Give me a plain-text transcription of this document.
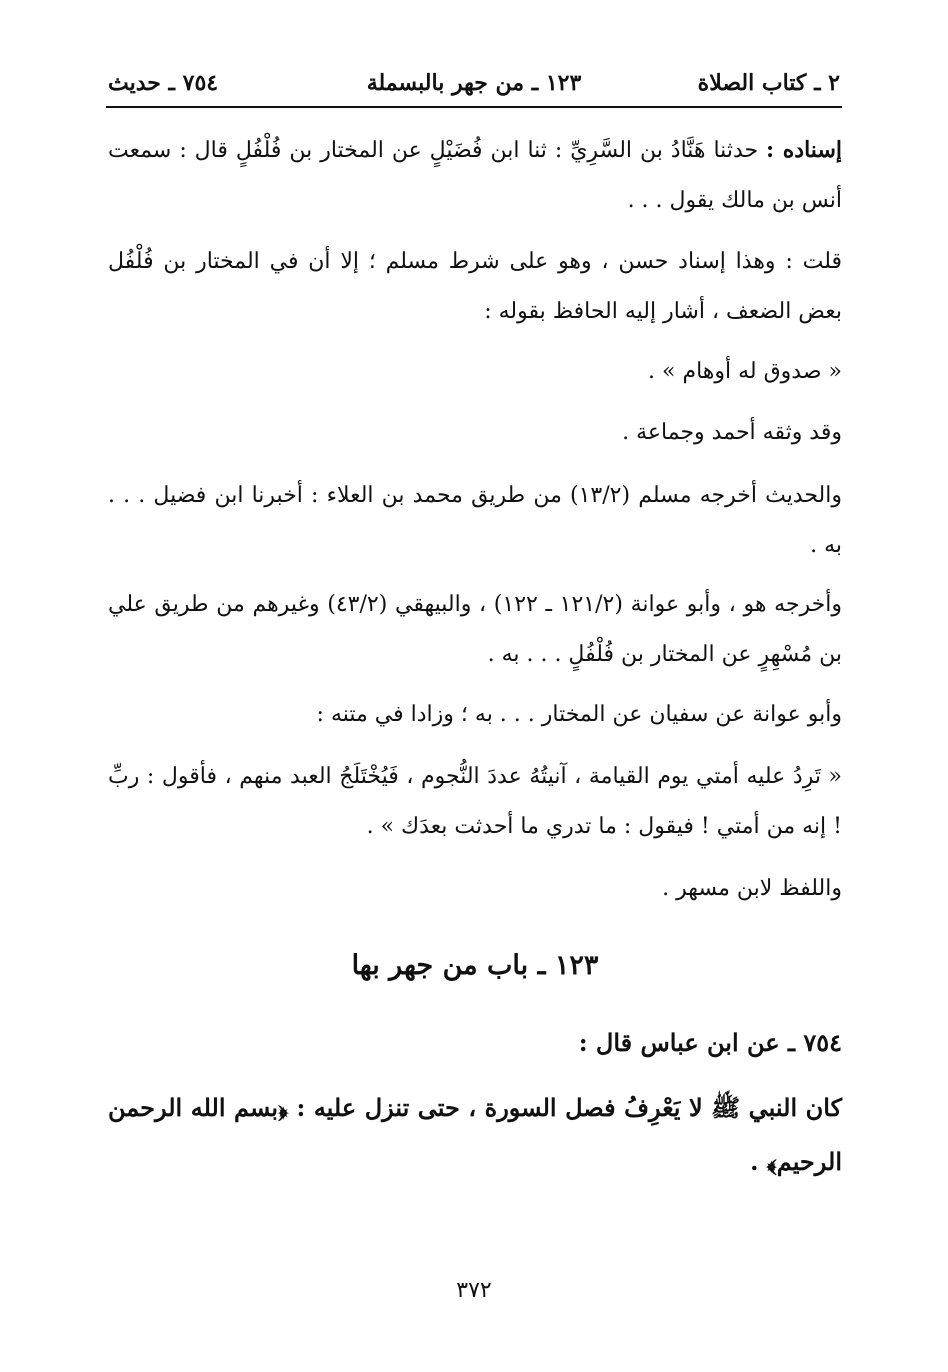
٢ ـ كتاب الصلاة
١٢٣ ـ من جهر بالبسملة
٧٥٤ ـ حديث

إسناده : حدثنا هَنَّادُ بن السَّرِيِّ : ثنا ابن فُضَيْلٍ عن المختار بن فُلْفُلٍ قال : سمعت أنس بن مالك يقول . . .

قلت : وهذا إسناد حسن ، وهو على شرط مسلم ؛ إلا أن في المختار بن فُلْفُل بعض الضعف ، أشار إليه الحافظ بقوله :

« صدوق له أوهام » .

وقد وثقه أحمد وجماعة .

والحديث أخرجه مسلم (١٣/٢) من طريق محمد بن العلاء : أخبرنا ابن فضيل . . . به .

وأخرجه هو ، وأبو عوانة (١٢١/٢ ـ ١٢٢) ، والبيهقي (٤٣/٢) وغيرهم من طريق علي بن مُسْهِرٍ عن المختار بن فُلْفُلٍ . . . به .

وأبو عوانة عن سفيان عن المختار . . . به ؛ وزادا في متنه :

« تَرِدُ عليه أمتي يوم القيامة ، آنيتُهُ عددَ النُّجوم ، فَيُخْتَلَجُ العبد منهم ، فأقول : ربِّ ! إنه من أمتي ! فيقول : ما تدري ما أحدثت بعدَك » .

واللفظ لابن مسهر .

١٢٣ ـ باب من جهر بها

٧٥٤ ـ عن ابن عباس قال :

كان النبي ﷺ لا يَعْرِفُ فصل السورة ، حتى تنزل عليه : ﴿بسم الله الرحمن الرحيم﴾ .

٣٧٢
